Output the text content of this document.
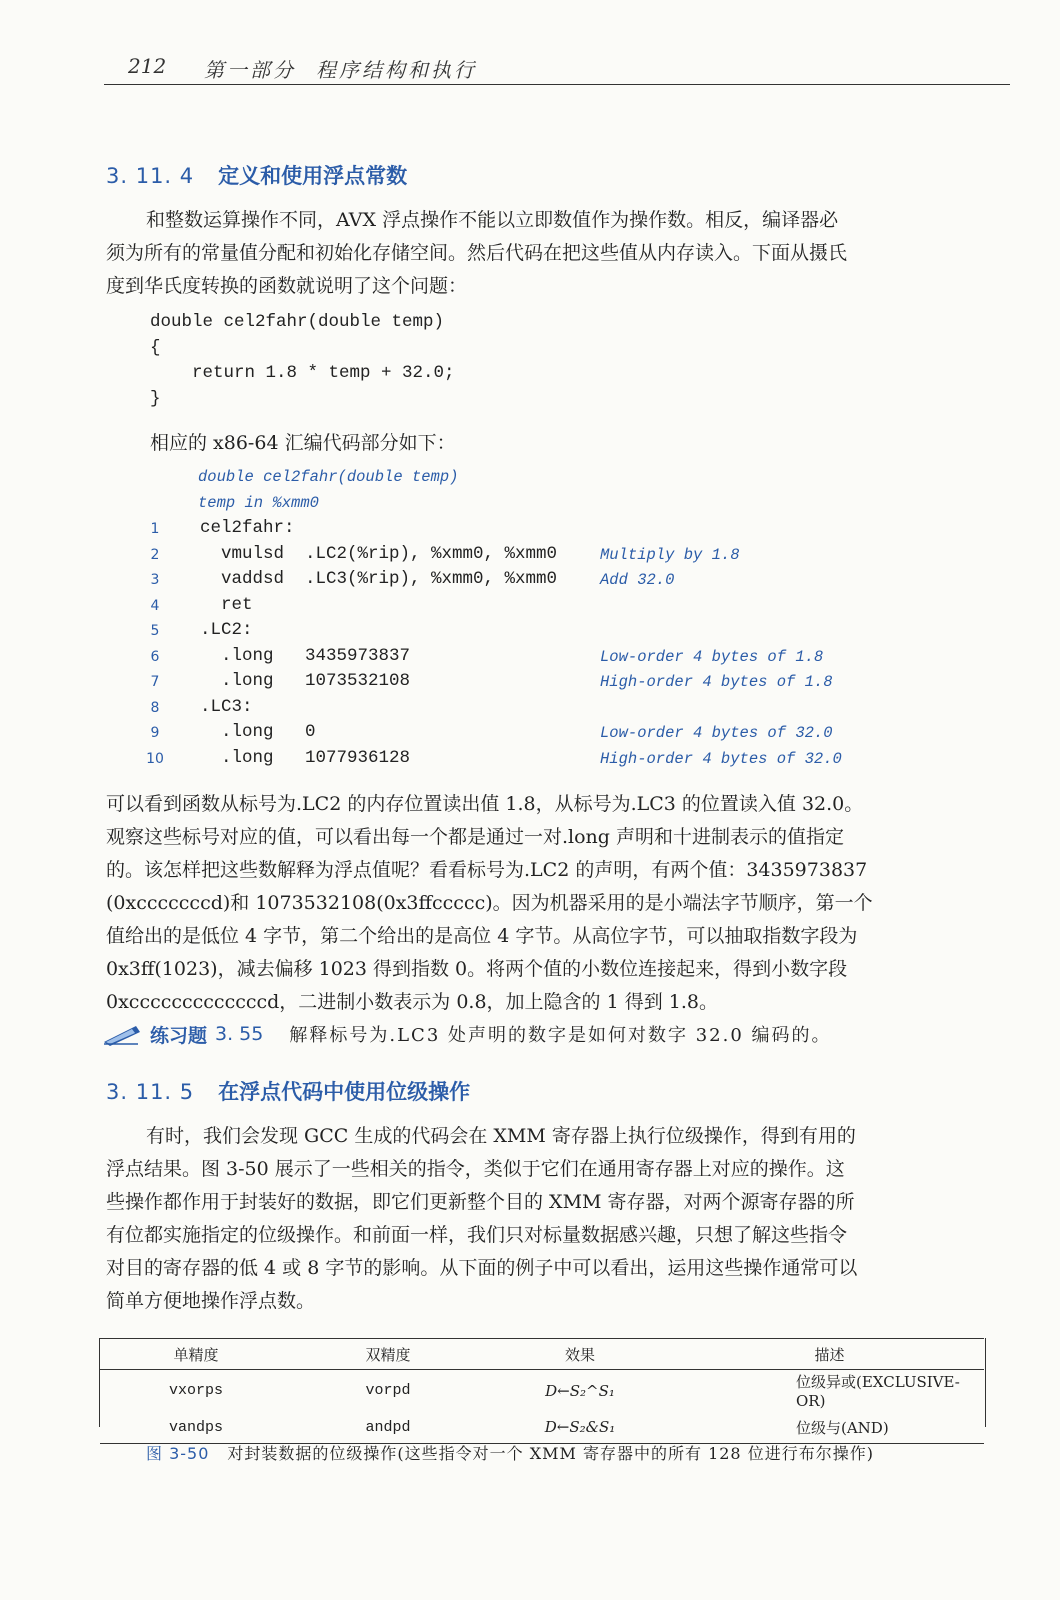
212 第一部分 程序结构和执行
3. 11. 4 定义和使用浮点常数
和整数运算操作不同，AVX 浮点操作不能以立即数值作为操作数。相反，编译器必
须为所有的常量值分配和初始化存储空间。然后代码在把这些值从内存读入。下面从摄氏
度到华氏度转换的函数就说明了这个问题：
double cel2fahr(double temp)
{
return 1.8 * temp + 32.0;
}
相应的 x86-64 汇编代码部分如下：
double cel2fahr(double temp)
temp in %xmm0
1	cel2fahr:
2	vmulsd  .LC2(%rip), %xmm0, %xmm0	Multiply by 1.8
3	vaddsd  .LC3(%rip), %xmm0, %xmm0	Add 32.0
4	ret
5	.LC2:
6	.long   3435973837	Low-order 4 bytes of 1.8
7	.long   1073532108	High-order 4 bytes of 1.8
8	.LC3:
9	.long   0	Low-order 4 bytes of 32.0
10	.long   1077936128	High-order 4 bytes of 32.0
可以看到函数从标号为.LC2 的内存位置读出值 1.8，从标号为.LC3 的位置读入值 32.0。
观察这些标号对应的值，可以看出每一个都是通过一对.long 声明和十进制表示的值指定
的。该怎样把这些数解释为浮点值呢？看看标号为.LC2 的声明，有两个值：3435973837
(0xcccccccd)和 1073532108(0x3ffccccc)。因为机器采用的是小端法字节顺序，第一个
值给出的是低位 4 字节，第二个给出的是高位 4 字节。从高位字节，可以抽取指数字段为
0x3ff(1023)，减去偏移 1023 得到指数 0。将两个值的小数位连接起来，得到小数字段
0xcccccccccccccd，二进制小数表示为 0.8，加上隐含的 1 得到 1.8。
练习题 3. 55 解释标号为.LC3 处声明的数字是如何对数字 32.0 编码的。
3. 11. 5 在浮点代码中使用位级操作
有时，我们会发现 GCC 生成的代码会在 XMM 寄存器上执行位级操作，得到有用的
浮点结果。图 3-50 展示了一些相关的指令，类似于它们在通用寄存器上对应的操作。这
些操作都作用于封装好的数据，即它们更新整个目的 XMM 寄存器，对两个源寄存器的所
有位都实施指定的位级操作。和前面一样，我们只对标量数据感兴趣，只想了解这些指令
对目的寄存器的低 4 或 8 字节的影响。从下面的例子中可以看出，运用这些操作通常可以
简单方便地操作浮点数。
单精度	双精度	效果	描述
vxorps	vorpd	D←S₂^S₁	位级异或(EXCLUSIVE-OR)
vandps	andpd	D←S₂&S₁	位级与(AND)
图 3-50 对封装数据的位级操作(这些指令对一个 XMM 寄存器中的所有 128 位进行布尔操作)
